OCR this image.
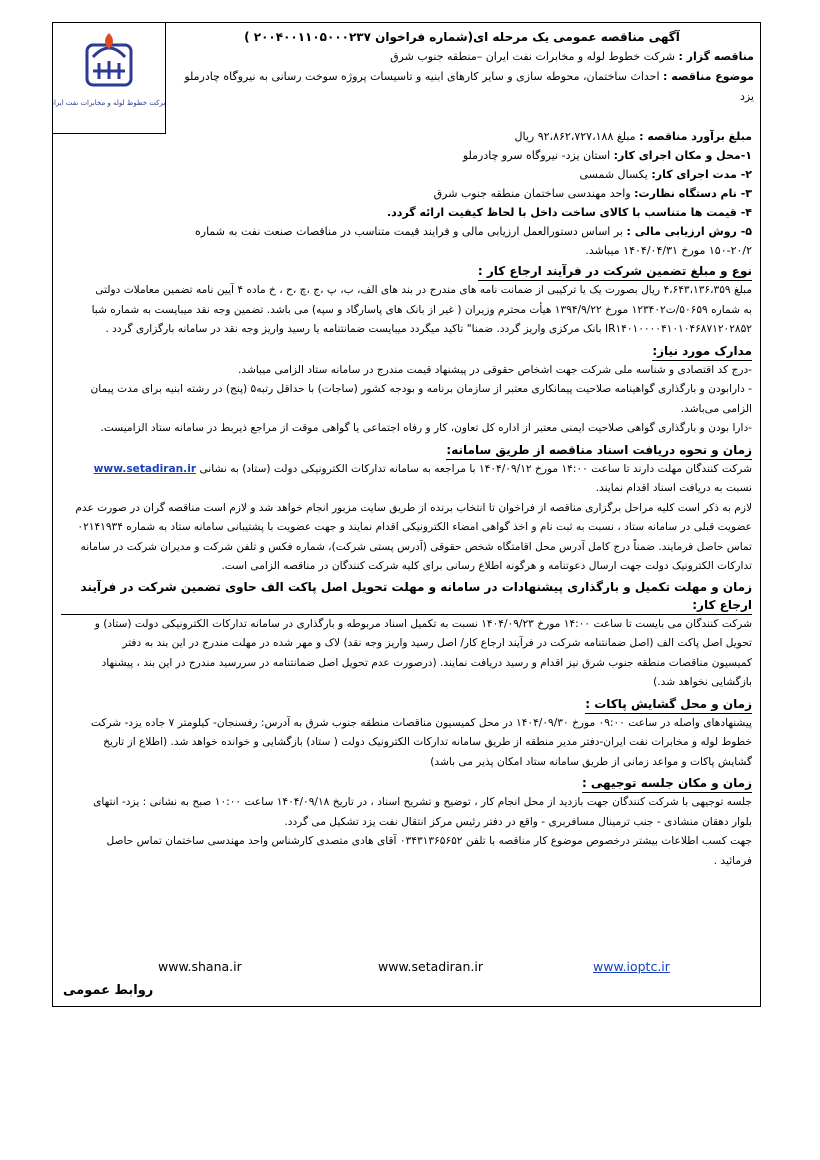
شرکت خطوط لوله و مخابرات نفت ایران
آگهی مناقصه عمومی یک مرحله ای(شماره فراخوان ۲۰۰۴۰۰۱۱۰۵۰۰۰۲۳۷ )
مناقصه گزار : شرکت خطوط لوله و مخابرات نفت ایران –منطقه جنوب شرق
موضوع مناقصه : احداث ساختمان، محوطه سازی و سایر کارهای ابنیه و تاسیسات پروژه سوخت رسانی به نیروگاه چادرملو
یزد
مبلغ برآورد مناقصه : مبلغ ۹۲،۸۶۲،۷۲۷،۱۸۸ ریال
۱-محل و مکان اجرای کار: استان یزد- نیروگاه سرو چادرملو
۲- مدت اجرای کار: یکسال شمسی
۳- نام دستگاه نظارت: واحد مهندسی ساختمان منطقه جنوب شرق
۴- قیمت ها متناسب با کالای ساخت داخل با لحاظ کیفیت ارائه گردد.
۵- روش ارزیابی مالی : بر اساس دستورالعمل ارزیابی مالی و فرایند قیمت متناسب در مناقصات صنعت نفت به شماره
۱۵۰-۲۰/۲ مورخ ۱۴۰۴/۰۴/۳۱ میباشد.
نوع و مبلغ تضمین شرکت در فرآیند ارجاع کار :
مبلغ ۴،۶۴۳،۱۳۶،۳۵۹ ریال بصورت یک یا ترکیبی از ضمانت نامه های مندرج در بند های الف، ب، پ ،ج ،چ ،ح ، خ ماده ۴ آیین نامه تضمین معاملات دولتی
به شماره ۵۰۶۵۹/ت۱۲۳۴۰۲ مورخ ۱۳۹۴/۹/۲۲ هیأت محترم وزیران ( غیر از بانک های پاسارگاد و سپه) می باشد. تضمین وجه نقد میبایست به شماره شبا
IR۱۴۰۱۰۰۰۰۴۱۰۱۰۴۶۸۷۱۲۰۲۸۵۲ بانک مرکزی واریز گردد. ضمنا" تاکید میگردد میبایست ضمانتنامه یا رسید واریز وجه نقد در سامانه بارگزاری گردد .
مدارک مورد نیاز:
-درج کد اقتصادی و شناسه ملی شرکت جهت اشخاص حقوقی در پیشنهاد قیمت مندرج در سامانه ستاد الزامی میباشد.
- دارابودن و بارگذاری گواهینامه صلاحیت پیمانکاری معتبر از سازمان برنامه و بودجه کشور (ساجات) با حداقل رتبه۵ (پنج) در رشته ابنیه برای مدت پیمان
الزامی می‌باشد.
-دارا بودن و بارگذاری گواهی صلاحیت ایمنی معتبر از اداره کل تعاون، کار و رفاه اجتماعی یا گواهی موقت از مراجع ذیربط در سامانه ستاد الزامیست.
زمان و نحوه دریافت اسناد مناقصه از طریق سامانه:
شرکت کنندگان مهلت دارند تا ساعت ۱۴:۰۰ مورخ ۱۴۰۴/۰۹/۱۲ با مراجعه به سامانه تدارکات الکترونیکی دولت (ستاد) به نشانی www.setadiran.ir
نسبت به دریافت اسناد اقدام نمایند.
لازم به ذکر است کلیه مراحل برگزاری مناقصه از فراخوان تا انتخاب برنده از طریق سایت مزبور انجام خواهد شد و لازم است مناقصه گران در صورت عدم
عضویت قبلی در سامانه ستاد ، نسبت به ثبت نام و اخذ گواهی امضاء الکترونیکی اقدام نمایند و جهت عضویت با پشتیبانی سامانه ستاد به شماره ۰۲۱۴۱۹۳۴
تماس حاصل فرمایند. ضمناً درج کامل آدرس محل اقامتگاه شخص حقوقی (آدرس پستی شرکت)، شماره فکس و تلفن شرکت و مدیران شرکت در سامانه
تدارکات الکترونیک دولت جهت ارسال دعوتنامه و هرگونه اطلاع رسانی برای کلیه شرکت کنندگان در مناقصه الزامی است.
زمان و مهلت تکمیل و بارگذاری پیشنهادات در سامانه و مهلت تحویل اصل پاکت الف حاوی تضمین شرکت در فرآیند ارجاع کار:
شرکت کنندگان می بایست تا ساعت ۱۴:۰۰ مورخ ۱۴۰۴/۰۹/۲۳ نسبت به تکمیل اسناد مربوطه و بارگذاری در سامانه تدارکات الکترونیکی دولت (ستاد) و
تحویل اصل پاکت الف (اصل ضمانتنامه شرکت در فرآیند ارجاع کار/ اصل رسید واریز وجه نقد) لاک و مهر شده در مهلت مندرج در این بند به دفتر
کمیسیون مناقصات منطقه جنوب شرق نیز اقدام و رسید دریافت نمایند. (درصورت عدم تحویل اصل ضمانتنامه در سررسید مندرج در این بند ، پیشنهاد
بازگشایی نخواهد شد.)
زمان و محل گشایش پاکات :
پیشنهادهای واصله در ساعت ۰۹:۰۰ مورخ ۱۴۰۴/۰۹/۳۰ در محل کمیسیون مناقصات منطقه جنوب شرق به آدرس: رفسنجان- کیلومتر ۷ جاده یزد- شرکت
خطوط لوله و مخابرات نفت ایران-دفتر مدیر منطقه از طریق سامانه تدارکات الکترونیک دولت ( ستاد) بازگشایی و خوانده خواهد شد. (اطلاع از تاریخ
گشایش پاکات و مواعد زمانی از طریق سامانه ستاد امکان پذیر می باشد)
زمان و مکان جلسه توجیهی :
جلسه توجیهی با شرکت کنندگان جهت بازدید از محل انجام کار ، توضیح و تشریح اسناد ، در تاریخ ۱۴۰۴/۰۹/۱۸ ساعت ۱۰:۰۰ صبح به نشانی : یزد- انتهای
بلوار دهقان منشادی - جنب ترمینال مسافربری - واقع در دفتر رئیس مرکز انتقال نفت یزد تشکیل می گردد.
جهت کسب اطلاعات بیشتر درخصوص موضوع کار مناقصه با تلفن ۰۳۴۳۱۳۶۵۶۵۲ آقای هادی متصدی کارشناس واحد مهندسی ساختمان تماس حاصل
فرمائید .
www.shana.ir	www.setadiran.ir	www.ioptc.ir
روابط عمومی
